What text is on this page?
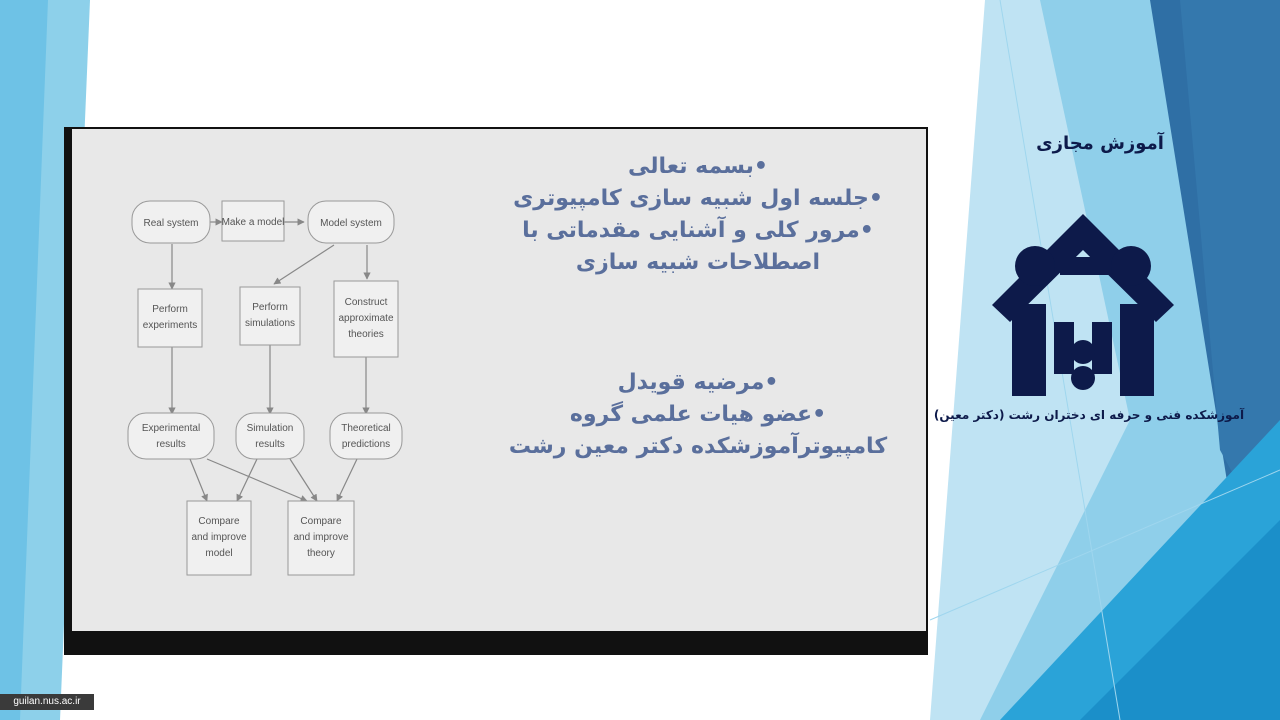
Real system Make a model	Model system
Perform
experiments
Perform
simulations
Construct
approximate
theories
Experimental
results
Simulation
results
Theoretical
predictions
Compare
and improve
model
Compare
and improve
theory

•بسمه تعالی

•جلسه اول شبیه سازی کامپیوتری

•مرور کلی و آشنایی مقدماتی با اصطلاحات شبیه سازی

•مرضیه قویدل

•عضو هیات علمی گروه کامپیوترآموزشکده دکتر معین رشت

آموزش مجازی
آموزشکده فنی و حرفه ای دختران رشت (دکتر معین)
guilan.nus.ac.ir
